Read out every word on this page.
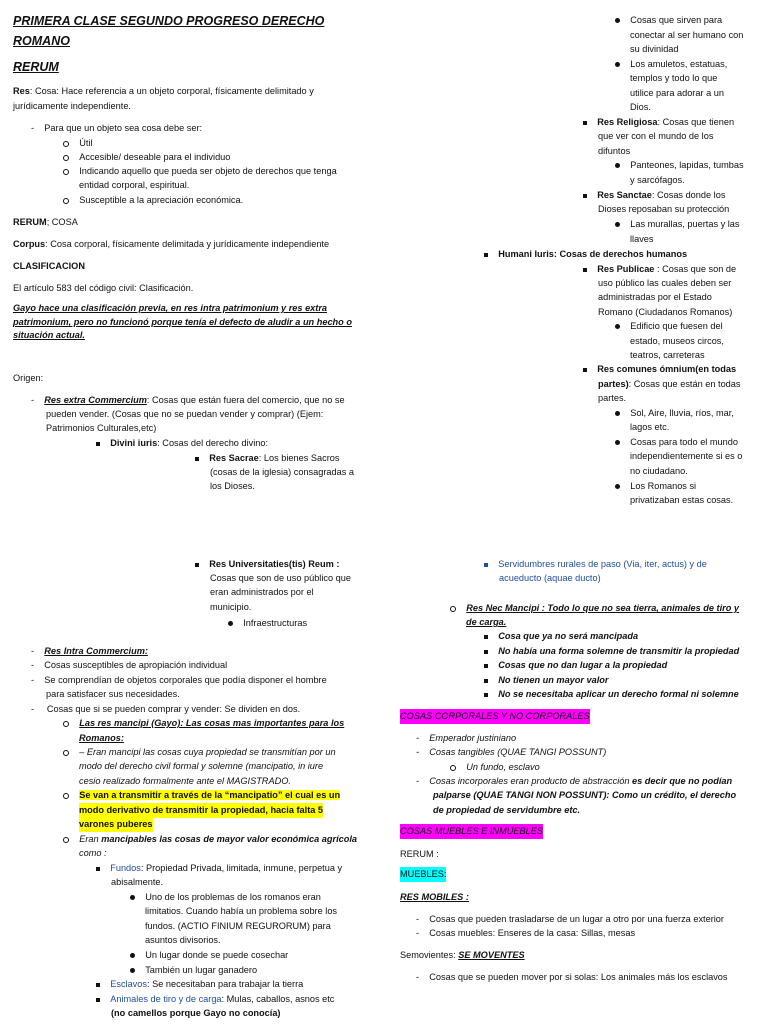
PRIMERA CLASE SEGUNDO PROGRESO DERECHO
ROMANO
RERUM
Res: Cosa: Hace referencia a un objeto corporal, físicamente delimitado y
jurídicamente independiente.
-    Para que un objeto sea cosa debe ser:
Útil
Accesible/ deseable para el individuo
Indicando aquello que pueda ser objeto de derechos que tenga
entidad corporal, espiritual.
Susceptible a la apreciación económica.
RERUM; COSA
Corpus: Cosa corporal, físicamente delimitada y jurídicamente independiente
CLASIFICACION
El artículo 583 del código civil: Clasificación.
Gayo hace una clasificación previa, en res intra patrimonium y res extra
patrimonium, pero no funcionó porque tenía el defecto de aludir a un hecho o
situación actual.
Origen:
-    Res extra Commercium: Cosas que están fuera del comercio, que no se
pueden vender. (Cosas que no se puedan vender y comprar) (Ejem:
Patrimonios Culturales,etc)
Divini iuris: Cosas del derecho divino:
Res Sacrae: Los bienes Sacros
(cosas de la iglesia) consagradas a
los Dioses.
Res Universitaties(tis) Reum :
Cosas que son de uso público que
eran administrados por el
municipio.
Infraestructuras
-    Res Intra Commercium:
-    Cosas susceptibles de apropiación individual
-    Se comprendían de objetos corporales que podía disponer el hombre
para satisfacer sus necesidades.
-     Cosas que si se pueden comprar y vender: Se dividen en dos.
Las res mancipi (Gayo): Las cosas mas importantes para los
Romanos:
– Eran mancipi las cosas cuya propiedad se transmitían por un
modo del derecho civil formal y solemne (mancipatio, in iure
cesio realizado formalmente ante el MAGISTRADO.
Se van a transmitir a través de la “mancipatio” el cual es un
modo derivativo de transmitir la propiedad, hacia falta 5
varones puberes
Eran mancipables las cosas de mayor valor económica agrícola
como :
Fundos: Propiedad Privada, limitada, inmune, perpetua y
abisalmente.
Uno de los problemas de los romanos eran
limitatios. Cuando había un problema sobre los
fundos. (ACTIO FINIUM REGURORUM) para
asuntos divisorios.
Un lugar donde se puede cosechar
También un lugar ganadero
Esclavos: Se necesitaban para trabajar la tierra
Animales de tiro y de carga: Mulas, caballos, asnos etc
(no camellos porque Gayo no conocía)
Cosas que sirven para
conectar al ser humano con
su divinidad
Los amuletos, estatuas,
templos y todo lo que
utilice para adorar a un
Dios.
Res Religiosa: Cosas que tienen
que ver con el mundo de los
difuntos
Panteones, lapidas, tumbas
y sarcófagos.
Res Sanctae: Cosas donde los
Dioses reposaban su protección
Las murallas, puertas y las
llaves
Humani Iuris: Cosas de derechos humanos
Res Publicae : Cosas que son de
uso público las cuales deben ser
administradas por el Estado
Romano (Ciudadanos Romanos)
Edificio que fuesen del
estado, museos circos,
teatros, carreteras
Res comunes ómnium(en todas
partes): Cosas que están en todas
partes.
Sol, Aire, lluvia, ríos, mar,
lagos etc.
Cosas para todo el mundo
independientemente si es o
no ciudadano.
Los Romanos si
privatizaban estas cosas.
Servidumbres rurales de paso (Via, iter, actus) y de
acueducto (aquae ducto)
Res Nec Mancipi : Todo lo que no sea tierra, animales de tiro y
de carga.
Cosa que ya no será mancipada
No había una forma solemne de transmitir la propiedad
Cosas que no dan lugar a la propiedad
No tienen un mayor valor
No se necesitaba aplicar un derecho formal ni solemne
COSAS CORPORALES Y NO CORPORALES
-    Emperador justiniano
-    Cosas tangibles (QUAE TANGI POSSUNT)
Un fundo, esclavo
-    Cosas incorporales eran producto de abstracción es decir que no podían
palparse (QUAE TANGI NON POSSUNT): Como un crédito, el derecho
de propiedad de servidumbre etc.
COSAS MUEBLES E INMUEBLES
RERUM :
MUEBLES:
RES MOBILES :
-    Cosas que pueden trasladarse de un lugar a otro por una fuerza exterior
-    Cosas muebles: Enseres de la casa: Sillas, mesas
Semovientes: SE MOVENTES
-    Cosas que se pueden mover por si solas: Los animales más los esclavos
